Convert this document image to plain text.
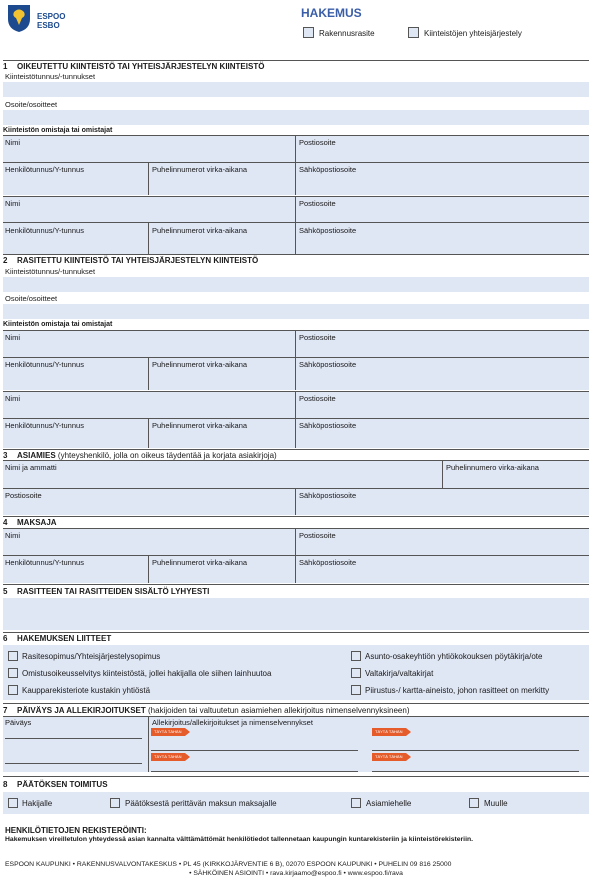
ESPOO
ESBO
HAKEMUS
Rakennusrasite	Kiinteistöjen yhteisjärjestely
1 OIKEUTETTU KIINTEISTÖ TAI YHTEISJÄRJESTELYN KIINTEISTÖ
Kiinteistötunnus/-tunnukset
Osoite/osoitteet
Kiinteistön omistaja tai omistajat
Nimi	Postiosoite
Henkilötunnus/Y-tunnus	Puhelinnumerot virka-aikana	Sähköpostiosoite
Nimi	Postiosoite
Henkilötunnus/Y-tunnus	Puhelinnumerot virka-aikana	Sähköpostiosoite
2 RASITETTU KIINTEISTÖ TAI YHTEISJÄRJESTELYN KIINTEISTÖ
Kiinteistötunnus/-tunnukset
Osoite/osoitteet
Kiinteistön omistaja tai omistajat
Nimi	Postiosoite
Henkilötunnus/Y-tunnus	Puhelinnumerot virka-aikana	Sähköpostiosoite
Nimi	Postiosoite
Henkilötunnus/Y-tunnus	Puhelinnumerot virka-aikana	Sähköpostiosoite
3 ASIAMIES (yhteyshenkilö, jolla on oikeus täydentää ja korjata asiakirjoja)
Nimi ja ammatti	Puhelinnumero virka-aikana
Postiosoite	Sähköpostiosoite
4 MAKSAJA
Nimi	Postiosoite
Henkilötunnus/Y-tunnus	Puhelinnumerot virka-aikana	Sähköpostiosoite
5 RASITTEEN TAI RASITTEIDEN SISÄLTÖ LYHYESTI
6 HAKEMUKSEN LIITTEET
Rasitesopimus/Yhteisjärjestelysopimus
Omistusoikeusselvitys kiinteistöstä, jollei hakijalla ole siihen lainhuutoa
Kaupparekisteriote kustakin yhtiöstä
Asunto-osakeyhtiön yhtiökokouksen pöytäkirja/ote
Valtakirja/valtakirjat
Piirustus-/ kartta-aineisto, johon rasitteet on merkitty
7 PÄIVÄYS JA ALLEKIRJOITUKSET (hakijoiden tai valtuutetun asiamiehen allekirjoitus nimenselvennyksineen)
Päiväys	Allekirjoitus/allekirjoitukset ja nimenselvennykset
TÄYTÄ TÄHÄN	TÄYTÄ TÄHÄN
TÄYTÄ TÄHÄN	TÄYTÄ TÄHÄN
8 PÄÄTÖKSEN TOIMITUS
Hakijalle	Päätöksestä perittävän maksun maksajalle	Asiamiehelle	Muulle
HENKILÖTIETOJEN REKISTERÖINTI:
Hakemuksen vireilletulon yhteydessä asian kannalta välttämättömät henkilötiedot tallennetaan kaupungin kuntarekisteriin ja kiinteistörekisteriin.
ESPOON KAUPUNKI • RAKENNUSVALVONTAKESKUS • PL 45 (KIRKKOJÄRVENTIE 6 B), 02070 ESPOON KAUPUNKI • PUHELIN 09 816 25000
• SÄHKÖINEN ASIOINTI • rava.kirjaamo@espoo.fi • www.espoo.fi/rava
